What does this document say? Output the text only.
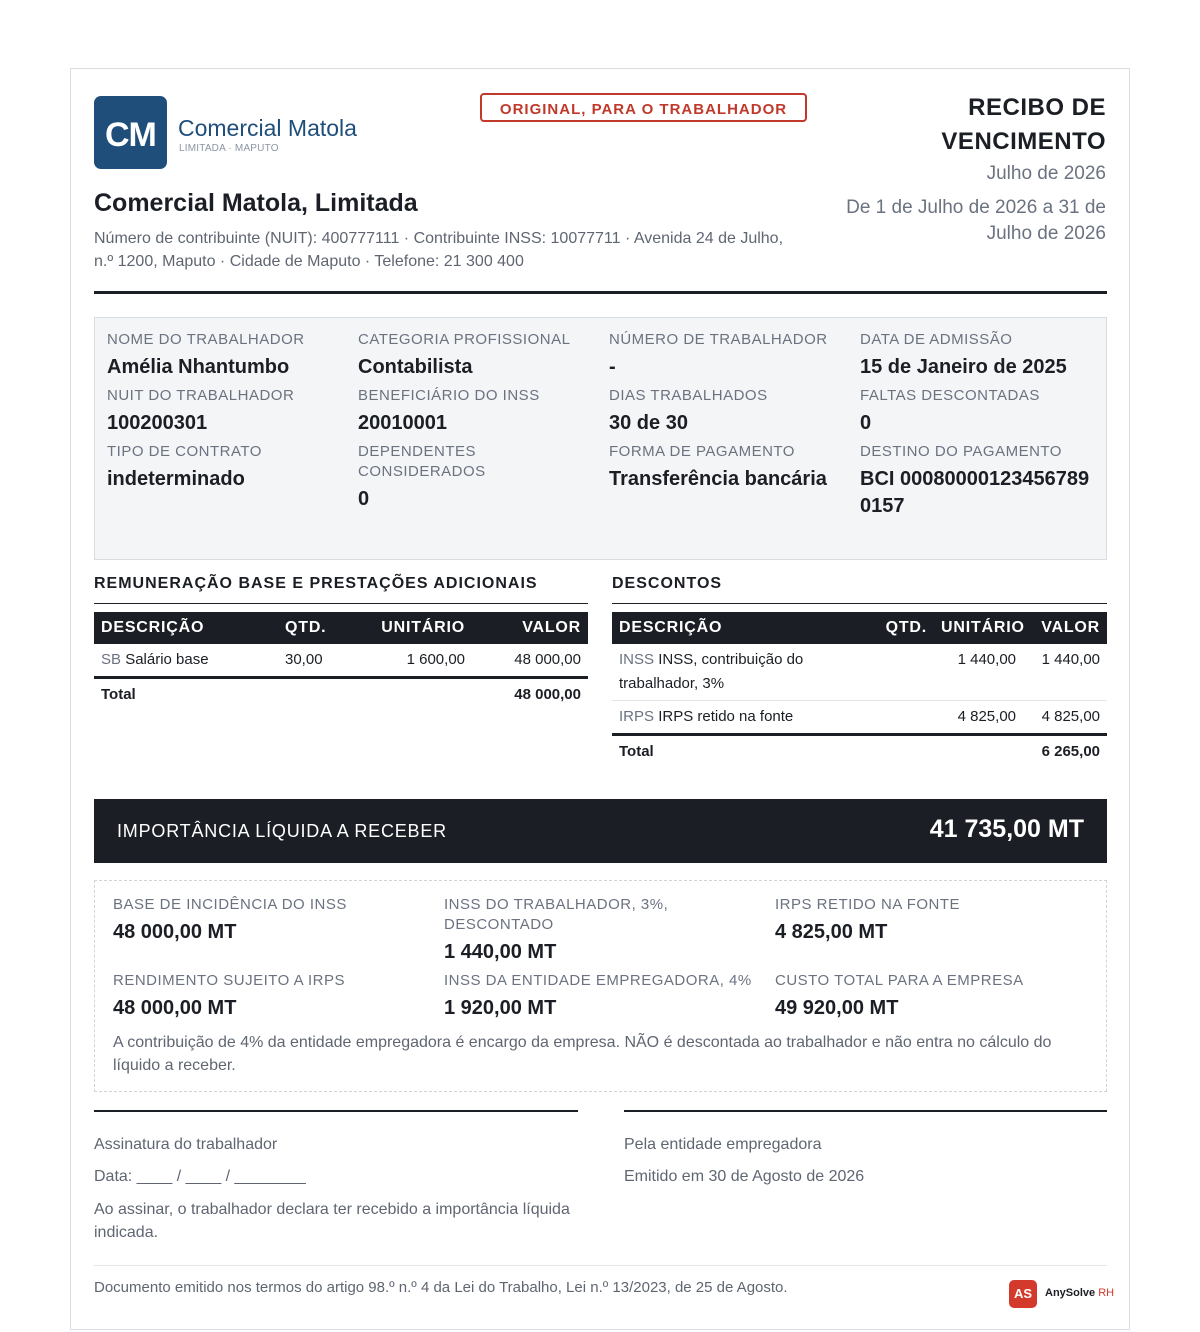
CM Comercial Matola
LIMITADA · MAPUTO
ORIGINAL, PARA O TRABALHADOR	RECIBO DE VENCIMENTO
Julho de 2026
De 1 de Julho de 2026 a 31 de Julho de 2026
Comercial Matola, Limitada
Número de contribuinte (NUIT): 400777111 · Contribuinte INSS: 10077711 · Avenida 24 de Julho, n.º 1200, Maputo · Cidade de Maputo · Telefone: 21 300 400
NOME DO TRABALHADOR
Amélia Nhantumbo
CATEGORIA PROFISSIONAL
Contabilista
NÚMERO DE TRABALHADOR
-
DATA DE ADMISSÃO
15 de Janeiro de 2025
NUIT DO TRABALHADOR
100200301
BENEFICIÁRIO DO INSS
20010001
DIAS TRABALHADOS
30 de 30
FALTAS DESCONTADAS
0
TIPO DE CONTRATO
indeterminado
DEPENDENTES CONSIDERADOS
0
FORMA DE PAGAMENTO
Transferência bancária
DESTINO DO PAGAMENTO
BCI 000800001234567890157
REMUNERAÇÃO BASE E PRESTAÇÕES ADICIONAIS
DESCRIÇÃO	QTD.	UNITÁRIO	VALOR
SB Salário base	30,00	1 600,00	48 000,00
Total			48 000,00
DESCONTOS
DESCRIÇÃO	QTD.	UNITÁRIO	VALOR
INSS INSS, contribuição do trabalhador, 3%		1 440,00	1 440,00
IRPS IRPS retido na fonte		4 825,00	4 825,00
Total			6 265,00
IMPORTÂNCIA LÍQUIDA A RECEBER	41 735,00 MT
BASE DE INCIDÊNCIA DO INSS
48 000,00 MT
INSS DO TRABALHADOR, 3%, DESCONTADO
1 440,00 MT
IRPS RETIDO NA FONTE
4 825,00 MT
RENDIMENTO SUJEITO A IRPS
48 000,00 MT
INSS DA ENTIDADE EMPREGADORA, 4%
1 920,00 MT
CUSTO TOTAL PARA A EMPRESA
49 920,00 MT
A contribuição de 4% da entidade empregadora é encargo da empresa. NÃO é descontada ao trabalhador e não entra no cálculo do líquido a receber.
Assinatura do trabalhador
Data: ____ / ____ / ________
Ao assinar, o trabalhador declara ter recebido a importância líquida indicada.
Pela entidade empregadora
Emitido em 30 de Agosto de 2026
Documento emitido nos termos do artigo 98.º n.º 4 da Lei do Trabalho, Lei n.º 13/2023, de 25 de Agosto.	AS	AnySolve RH
